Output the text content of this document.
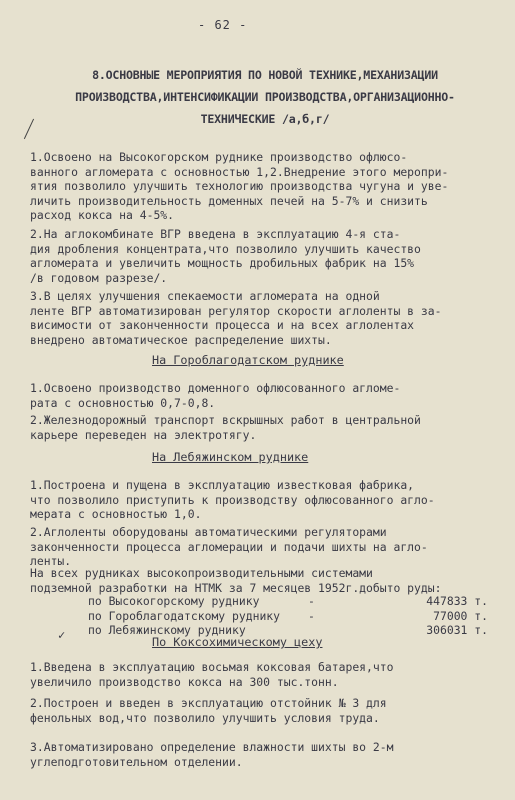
- 62 -
8.ОСНОВНЫЕ МЕРОПРИЯТИЯ ПО НОВОЙ ТЕХНИКЕ,МЕХАНИЗАЦИИ
ПРОИЗВОДСТВА,ИНТЕНСИФИКАЦИИ ПРОИЗВОДСТВА,ОРГАНИЗАЦИОННО-
ТЕХНИЧЕСКИЕ /а,б,г/
1.Освоено на Высокогорском руднике производство офлюсо-
ванного агломерата с основностью 1,2.Внедрение этого меропри-
ятия позволило улучшить технологию производства чугуна и уве-
личить производительность доменных печей на 5-7% и снизить
расход кокса на 4-5%.
2.На аглокомбинате ВГР введена в эксплуатацию 4-я ста-
дия дробления концентрата,что позволило улучшить качество
агломерата и увеличить мощность дробильных фабрик на 15%
/в годовом разрезе/.
3.В целях улучшения спекаемости агломерата на одной
ленте ВГР автоматизирован регулятор скорости аглоленты в за-
висимости от законченности процесса и на всех аглолентах
внедрено автоматическое распределение шихты.
На Гороблагодатском руднике
1.Освоено производство доменного офлюсованного агломе-
рата с основностью 0,7-0,8.
2.Железнодорожный транспорт вскрышных работ в центральной
карьере переведен на электротягу.
На Лебяжинском руднике
1.Построена и пущена в эксплуатацию известковая фабрика,
что позволило приступить к производству офлюсованного агло-
мерата с основностью 1,0.
2.Аглоленты оборудованы автоматическими регуляторами
законченности процесса агломерации и подачи шихты на агло-
ленты.
На всех рудниках высокопроизводительными системами
подземной разработки на НТМК за 7 месяцев 1952г.добыто руды:
по Высокогорскому руднику	-	447833 т.
по Гороблагодатскому руднику	-	77000 т.
по Лебяжинскому руднику	306031 т.
По Коксохимическому цеху
✓
1.Введена в эксплуатацию восьмая коксовая батарея,что
увеличило производство кокса на 300 тыс.тонн.
2.Построен и введен в эксплуатацию отстойник № 3 для
фенольных вод,что позволило улучшить условия труда.
3.Автоматизировано определение влажности шихты во 2-м
углеподготовительном отделении.
